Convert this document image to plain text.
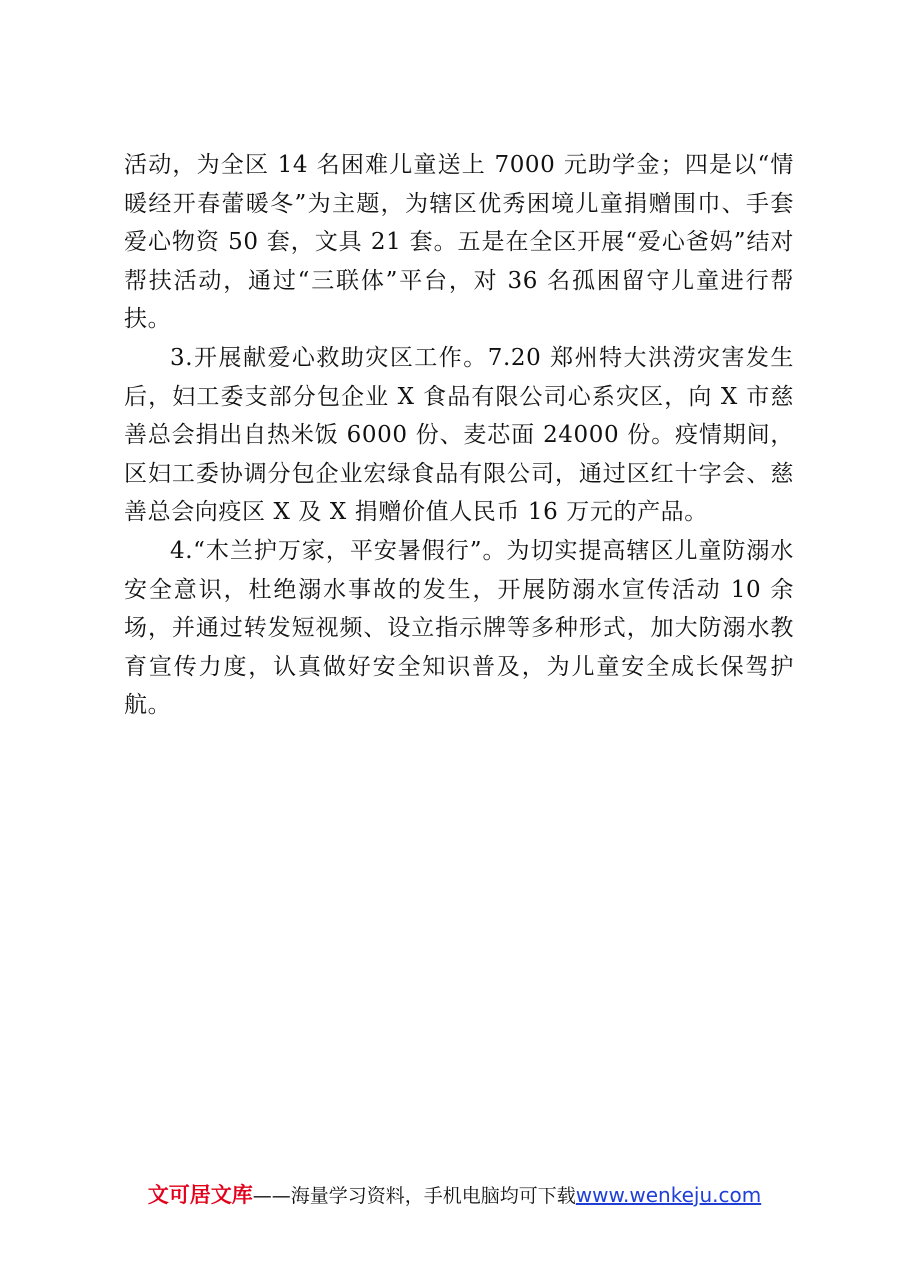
活动，为全区 14 名困难儿童送上 7000 元助学金；四是以“情暖经开春蕾暖冬”为主题，为辖区优秀困境儿童捐赠围巾、手套爱心物资 50 套，文具 21 套。五是在全区开展“爱心爸妈”结对帮扶活动，通过“三联体”平台，对 36 名孤困留守儿童进行帮扶。

3.开展献爱心救助灾区工作。7.20 郑州特大洪涝灾害发生后，妇工委支部分包企业 X 食品有限公司心系灾区，向 X 市慈善总会捐出自热米饭 6000 份、麦芯面 24000 份。疫情期间，区妇工委协调分包企业宏绿食品有限公司，通过区红十字会、慈善总会向疫区 X 及 X 捐赠价值人民币 16 万元的产品。

4.“木兰护万家，平安暑假行”。为切实提高辖区儿童防溺水安全意识，杜绝溺水事故的发生，开展防溺水宣传活动 10 余场，并通过转发短视频、设立指示牌等多种形式，加大防溺水教育宣传力度，认真做好安全知识普及，为儿童安全成长保驾护航。

文可居文库——海量学习资料，手机电脑均可下载www.wenkeju.com
